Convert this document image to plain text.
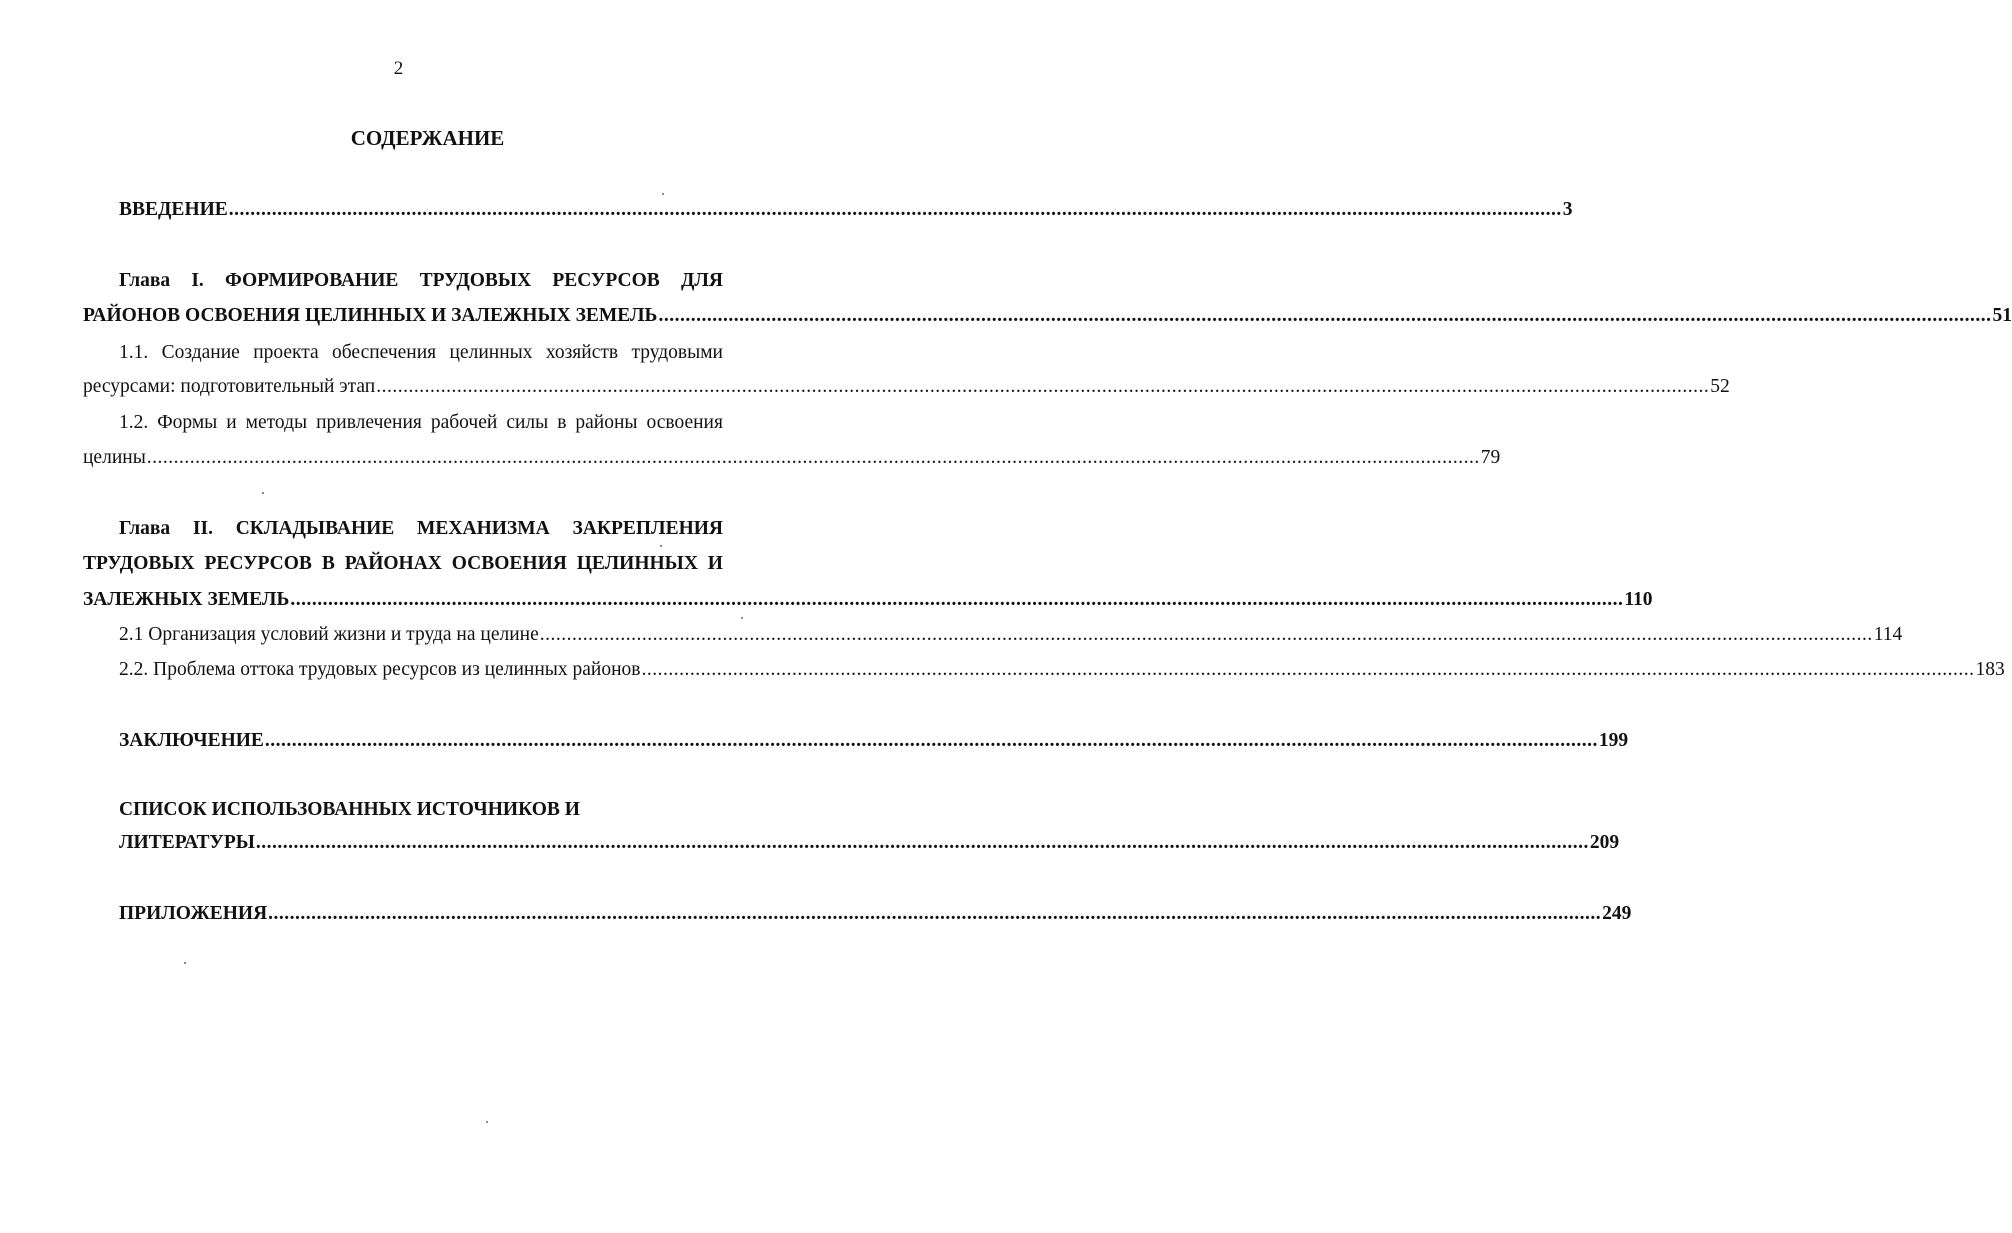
2
СОДЕРЖАНИЕ
ВВЕДЕНИЕ ........................................................................................................................................................................................................................................................ 3
Глава I. ФОРМИРОВАНИЕ ТРУДОВЫХ РЕСУРСОВ ДЛЯ
РАЙОНОВ ОСВОЕНИЯ ЦЕЛИННЫХ И ЗАЛЕЖНЫХ ЗЕМЕЛЬ ........................................................................................................................................................................................................................................................ 51
1.1. Создание проекта обеспечения целинных хозяйств трудовыми
ресурсами: подготовительный этап ........................................................................................................................................................................................................................................................ 52
1.2. Формы и методы привлечения рабочей силы в районы освоения
целины ........................................................................................................................................................................................................................................................ 79
Глава II. СКЛАДЫВАНИЕ МЕХАНИЗМА ЗАКРЕПЛЕНИЯ
ТРУДОВЫХ РЕСУРСОВ В РАЙОНАХ ОСВОЕНИЯ ЦЕЛИННЫХ И
ЗАЛЕЖНЫХ ЗЕМЕЛЬ ........................................................................................................................................................................................................................................................ 110
2.1 Организация условий жизни и труда на целине ........................................................................................................................................................................................................................................................ 114
2.2. Проблема оттока трудовых ресурсов из целинных районов ........................................................................................................................................................................................................................................................ 183
ЗАКЛЮЧЕНИЕ ........................................................................................................................................................................................................................................................ 199
СПИСОК ИСПОЛЬЗОВАННЫХ ИСТОЧНИКОВ И
ЛИТЕРАТУРЫ ........................................................................................................................................................................................................................................................ 209
ПРИЛОЖЕНИЯ ........................................................................................................................................................................................................................................................ 249
